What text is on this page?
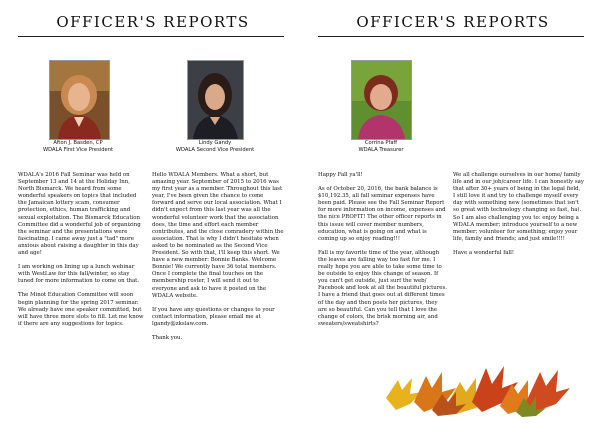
OFFICER'S REPORTS
Afton J. Basden, CP
WDALA First Vice President
Lindy Gandy
WDALA Second Vice President

WDALA's 2016 Fall Seminar was held on September 13 and 14 at the Holiday Inn, North Bismarck. We heard from some wonderful speakers on topics that included the Jamaican lottery scam, consumer protection, ethics, human trafficking and sexual exploitation. The Bismarck Education Committee did a wonderful job of organizing the seminar and the presentations were fascinating. I came away just a "tad" more anxious about raising a daughter in this day and age!

I am working on lining up a lunch webinar with WestLaw for this fall/winter, so stay tuned for more information to come on that.

The Minot Education Committee will soon begin planning for the spring 2017 seminar. We already have one speaker committed, but will have three more slots to fill. Let me know if there are any suggestions for topics.

Hello WDALA Members. What a short, but amazing year. September of 2015 to 2016 was my first year as a member. Throughout this last year, I've been given the chance to come forward and serve our local association. What I didn't expect from this last year was all the wonderful volunteer work that the association does, the time and effort each member contributes, and the close comradery within the association. That is why I didn't hesitate when asked to be nominated as the Second Vice President. So with that, I'll keep this short. We have a new member: Bonnie Banks. Welcome Bonnie! We currently have 36 total members. Once I complete the final touches on the membership roster, I will send it out to everyone and ask to have it posted on the WDALA website.

If you have any questions or changes to your contact information, please email me at lgandy@zkslaw.com.

Thank you.

OFFICER'S REPORTS
Corrina Pfaff
WDALA Treasurer

Happy Fall ya'll!

As of October 20, 2016, the bank balance is $10,192.35, all fall seminar expenses have been paid. Please see the Fall Seminar Report for more information on income, expenses and the nice PROFIT! The other officer reports in this issue will cover member numbers, education, what is going on and what is coming up so enjoy reading!!!

Fall is my favorite time of the year, although the leaves are falling way too fast for me. I really hope you are able to take some time to be outside to enjoy this change of season. If you can't get outside, just surf the web/ Facebook and look at all the beautiful pictures. I have a friend that goes out at different times of the day and then posts her pictures, they are so beautiful. Can you tell that I love the change of colors, the brisk morning air, and sweaters/sweatshirts?

We all challenge ourselves in our home/ family life and in our job/career life. I can honestly say that after 30+ years of being in the legal field, I still love it and try to challenge myself every day with something new (sometimes that isn't so great with technology changing so fast, ha). So I am also challenging you to: enjoy being a WDALA member; introduce yourself to a new member; volunteer for something; enjoy your life, family and friends; and just smile!!!!

Have a wonderful fall!
